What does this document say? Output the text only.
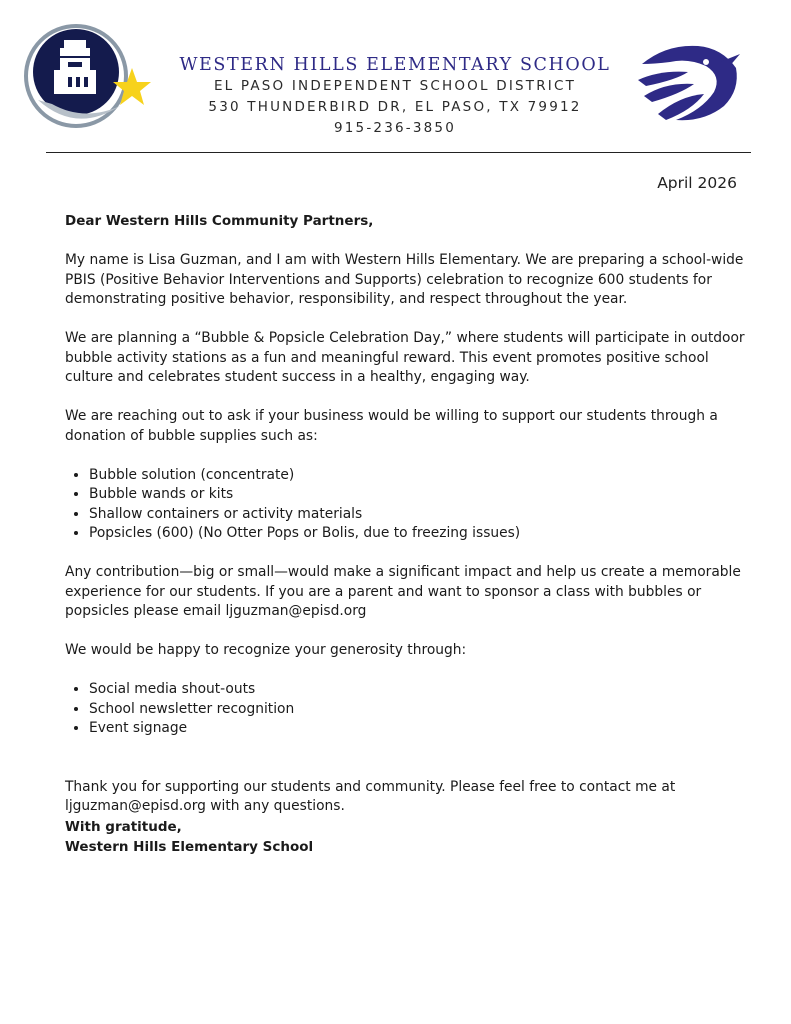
WESTERN HILLS ELEMENTARY SCHOOL
EL PASO INDEPENDENT SCHOOL DISTRICT
530 THUNDERBIRD DR, EL PASO, TX 79912
915-236-3850
April 2026

Dear Western Hills Community Partners,

My name is Lisa Guzman, and I am with Western Hills Elementary. We are preparing a school-wide PBIS (Positive Behavior Interventions and Supports) celebration to recognize 600 students for demonstrating positive behavior, responsibility, and respect throughout the year.

We are planning a “Bubble & Popsicle Celebration Day,” where students will participate in outdoor bubble activity stations as a fun and meaningful reward. This event promotes positive school culture and celebrates student success in a healthy, engaging way.

We are reaching out to ask if your business would be willing to support our students through a donation of bubble supplies such as:

• Bubble solution (concentrate)
• Bubble wands or kits
• Shallow containers or activity materials
• Popsicles (600) (No Otter Pops or Bolis, due to freezing issues)

Any contribution—big or small—would make a significant impact and help us create a memorable experience for our students. If you are a parent and want to sponsor a class with bubbles or popsicles please email ljguzman@episd.org

We would be happy to recognize your generosity through:

• Social media shout-outs
• School newsletter recognition
• Event signage

Thank you for supporting our students and community. Please feel free to contact me at ljguzman@episd.org with any questions.

With gratitude,

Western Hills Elementary School
